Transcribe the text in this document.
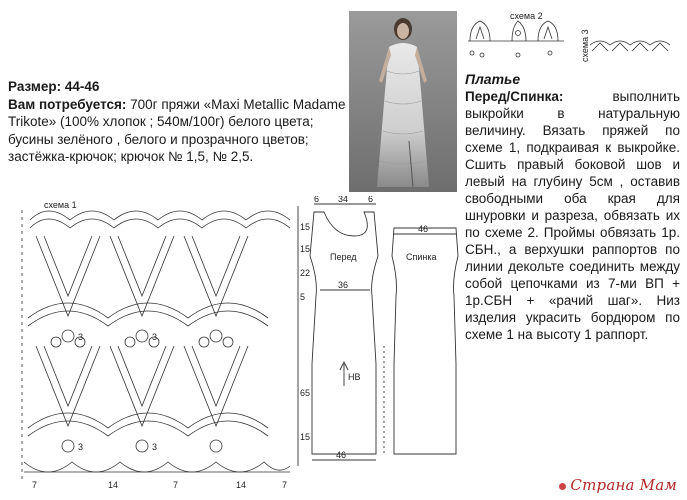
Размер: 44-46
Вам потребуется: 700г пряжи «Maxi Metallic Madame Trikote» (100% хлопок ; 540м/100г) белого цвета; бусины зелёного , белого и прозрачного цветов; застёжка-крючок; крючок № 1,5, № 2,5.
схема 2
схема 3
Платье

Перед/Спинка:	выполнить выкройки в натуральную величину. Вязать пряжей по схеме 1, подкраивая к выкройке. Сшить правый боковой шов и левый на глубину 5см , оставив свободными оба края для шнуровки и разреза, обвязать их по схеме 2. Проймы обвязать 1р. СБН., а верхушки раппортов по линии декольте соединить между собой цепочками из 7-ми ВП + 1р.СБН + «рачий шаг». Низ изделия украсить бордюром по схеме 1 на высоту 1 раппорт.

схема 1
3	3
3	3
7	14	7	14	7
6 34 6
46
36
46
Перед	Спинка
НВ
15
15
22
5
65
15
Страна Мам
